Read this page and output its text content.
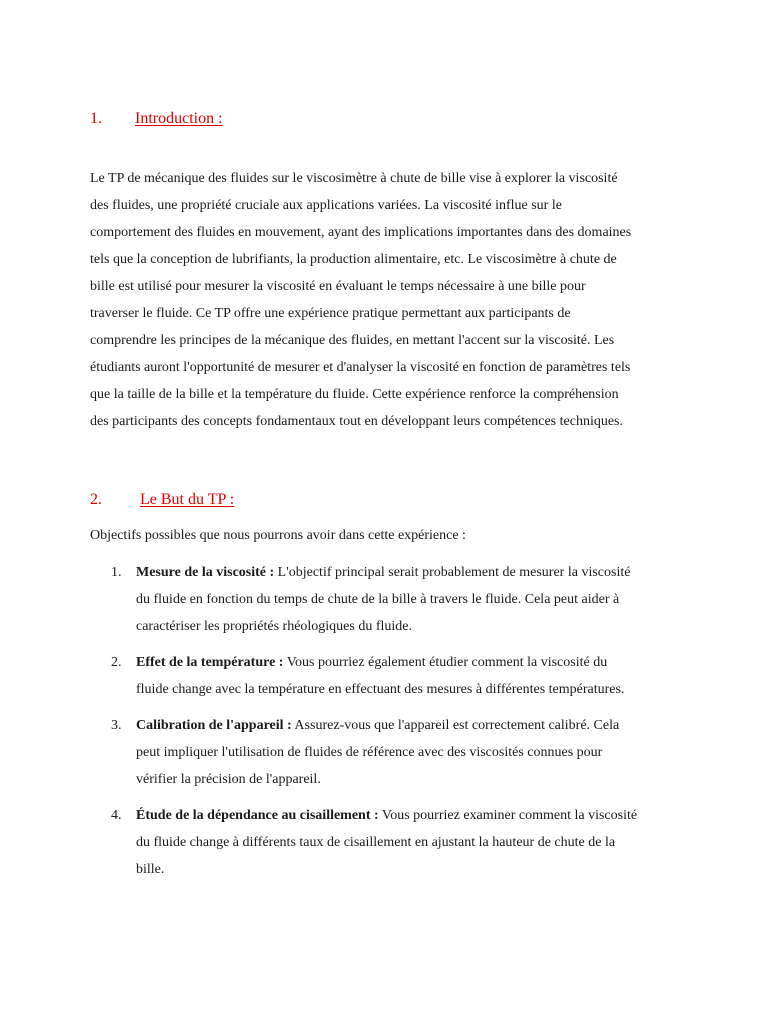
1. Introduction :

Le TP de mécanique des fluides sur le viscosimètre à chute de bille vise à explorer la viscosité
des fluides, une propriété cruciale aux applications variées. La viscosité influe sur le
comportement des fluides en mouvement, ayant des implications importantes dans des domaines
tels que la conception de lubrifiants, la production alimentaire, etc. Le viscosimètre à chute de
bille est utilisé pour mesurer la viscosité en évaluant le temps nécessaire à une bille pour
traverser le fluide. Ce TP offre une expérience pratique permettant aux participants de
comprendre les principes de la mécanique des fluides, en mettant l'accent sur la viscosité. Les
étudiants auront l'opportunité de mesurer et d'analyser la viscosité en fonction de paramètres tels
que la taille de la bille et la température du fluide. Cette expérience renforce la compréhension
des participants des concepts fondamentaux tout en développant leurs compétences techniques.

2. Le But du TP :

Objectifs possibles que nous pourrons avoir dans cette expérience :

1. Mesure de la viscosité : L'objectif principal serait probablement de mesurer la viscosité
du fluide en fonction du temps de chute de la bille à travers le fluide. Cela peut aider à
caractériser les propriétés rhéologiques du fluide.
2. Effet de la température : Vous pourriez également étudier comment la viscosité du
fluide change avec la température en effectuant des mesures à différentes températures.
3. Calibration de l'appareil : Assurez-vous que l'appareil est correctement calibré. Cela
peut impliquer l'utilisation de fluides de référence avec des viscosités connues pour
vérifier la précision de l'appareil.
4. Étude de la dépendance au cisaillement : Vous pourriez examiner comment la viscosité
du fluide change à différents taux de cisaillement en ajustant la hauteur de chute de la
bille.
